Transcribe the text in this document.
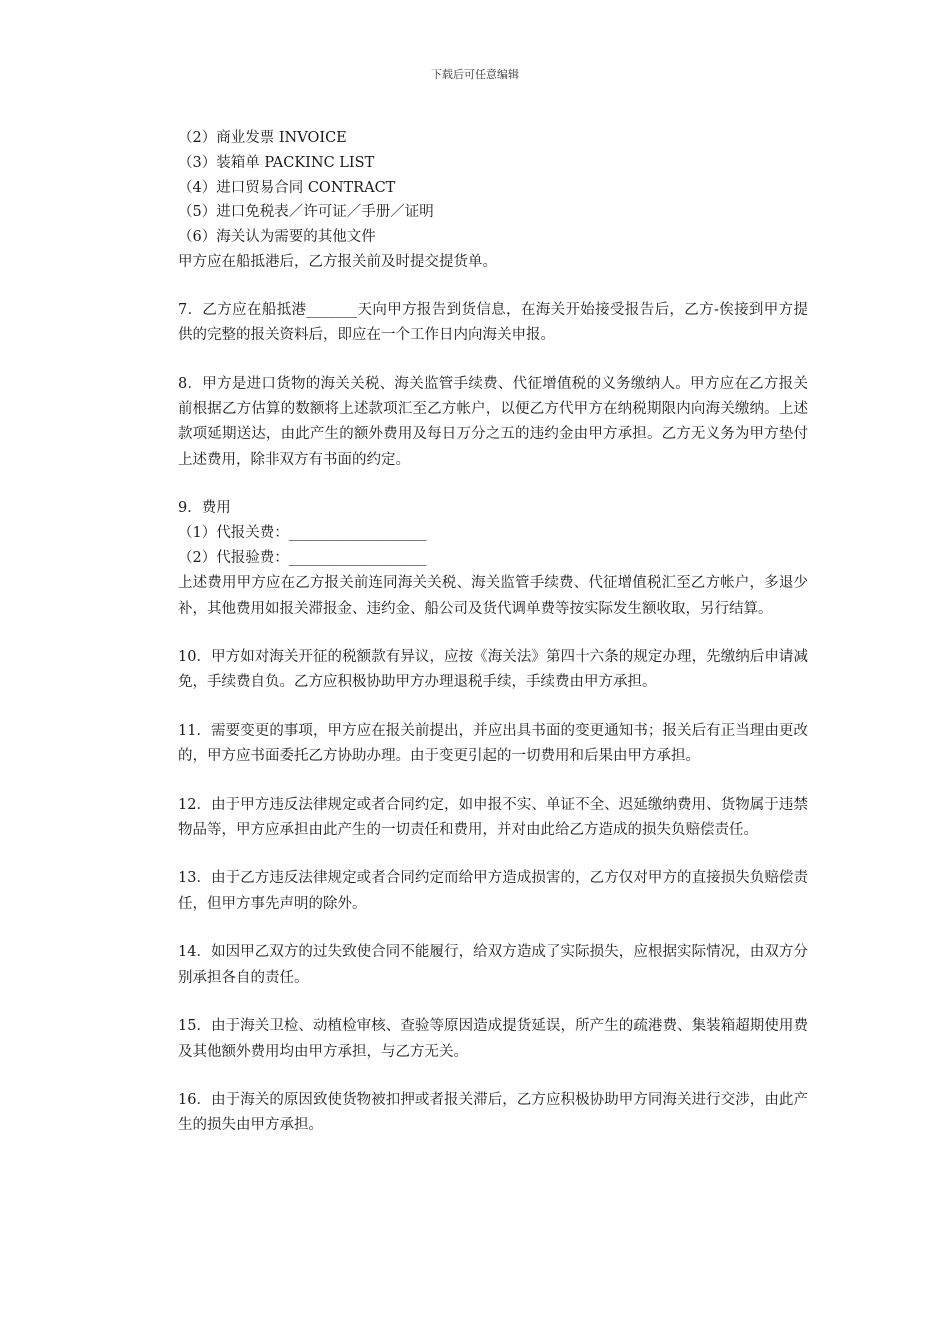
下载后可任意编辑
（2）商业发票 INVOICE
（3）装箱单 PACKINC LIST
（4）进口贸易合同 CONTRACT
（5）进口免税表／许可证／手册／证明
（6）海关认为需要的其他文件
甲方应在船抵港后，乙方报关前及时提交提货单。
7．乙方应在船抵港_______天向甲方报告到货信息，在海关开始接受报告后，乙方-俟接到甲方提供的完整的报关资料后，即应在一个工作日内向海关申报。
8．甲方是进口货物的海关关税、海关监管手续费、代征增值税的义务缴纳人。甲方应在乙方报关前根据乙方估算的数额将上述款项汇至乙方帐户，以便乙方代甲方在纳税期限内向海关缴纳。上述款项延期送达，由此产生的额外费用及每日万分之五的违约金由甲方承担。乙方无义务为甲方垫付上述费用，除非双方有书面的约定。
9．费用
（1）代报关费：___________________
（2）代报验费：___________________
上述费用甲方应在乙方报关前连同海关关税、海关监管手续费、代征增值税汇至乙方帐户，多退少补，其他费用如报关滞报金、违约金、船公司及货代调单费等按实际发生额收取，另行结算。
10．甲方如对海关开征的税额款有异议，应按《海关法》第四十六条的规定办理，先缴纳后申请减免，手续费自负。乙方应积极协助甲方办理退税手续，手续费由甲方承担。
11．需要变更的事项，甲方应在报关前提出，并应出具书面的变更通知书；报关后有正当理由更改的，甲方应书面委托乙方协助办理。由于变更引起的一切费用和后果由甲方承担。
12．由于甲方违反法律规定或者合同约定，如申报不实、单证不全、迟延缴纳费用、货物属于违禁物品等，甲方应承担由此产生的一切责任和费用，并对由此给乙方造成的损失负赔偿责任。
13．由于乙方违反法律规定或者合同约定而给甲方造成损害的，乙方仅对甲方的直接损失负赔偿责任，但甲方事先声明的除外。
14．如因甲乙双方的过失致使合同不能履行，给双方造成了实际损失，应根据实际情况，由双方分别承担各自的责任。
15．由于海关卫检、动植检审核、查验等原因造成提货延误，所产生的疏港费、集装箱超期使用费及其他额外费用均由甲方承担，与乙方无关。
16．由于海关的原因致使货物被扣押或者报关滞后，乙方应积极协助甲方同海关进行交涉，由此产生的损失由甲方承担。
